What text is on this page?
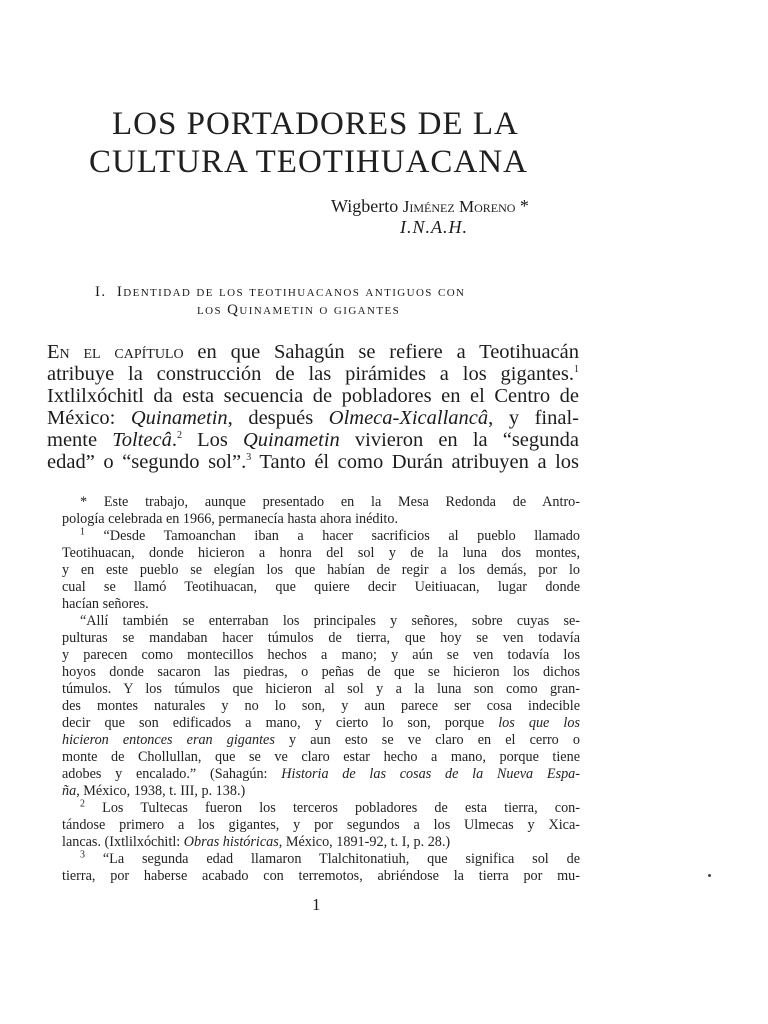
LOS PORTADORES DE LA
CULTURA TEOTIHUACANA
Wigberto Jiménez Moreno *
I.N.A.H.
I. Identidad de los teotihuacanos antiguos con
los Quinametin o gigantes
En el capítulo en que Sahagún se refiere a Teotihuacán
atribuye la construcción de las pirámides a los gigantes.$^1$
Ixtlilxóchitl da esta secuencia de pobladores en el Centro de
México: Quinametin, después Olmeca-Xicallancâ, y final-
mente Toltecâ.$^2$ Los Quinametin vivieron en la “segunda
edad” o “segundo sol”.$^3$ Tanto él como Durán atribuyen a los
* Este trabajo, aunque presentado en la Mesa Redonda de Antro-
pología celebrada en 1966, permanecía hasta ahora inédito.
$^1$ “Desde Tamoanchan iban a hacer sacrificios al pueblo llamado
Teotihuacan, donde hicieron a honra del sol y de la luna dos montes,
y en este pueblo se elegían los que habían de regir a los demás, por lo
cual se llamó Teotihuacan, que quiere decir Ueitiuacan, lugar donde
hacían señores.
“Allí también se enterraban los principales y señores, sobre cuyas se-
pulturas se mandaban hacer túmulos de tierra, que hoy se ven todavía
y parecen como montecillos hechos a mano; y aún se ven todavía los
hoyos donde sacaron las piedras, o peñas de que se hicieron los dichos
túmulos. Y los túmulos que hicieron al sol y a la luna son como gran-
des montes naturales y no lo son, y aun parece ser cosa indecible
decir que son edificados a mano, y cierto lo son, porque los que los
hicieron entonces eran gigantes y aun esto se ve claro en el cerro o
monte de Chollullan, que se ve claro estar hecho a mano, porque tiene
adobes y encalado.” (Sahagún: Historia de las cosas de la Nueva Espa-
ña, México, 1938, t. III, p. 138.)
$^2$ Los Tultecas fueron los terceros pobladores de esta tierra, con-
tándose primero a los gigantes, y por segundos a los Ulmecas y Xica-
lancas. (Ixtlilxóchitl: Obras históricas, México, 1891-92, t. I, p. 28.)
$^3$ “La segunda edad llamaron Tlalchitonatiuh, que significa sol de
tierra, por haberse acabado con terremotos, abriéndose la tierra por mu-
1
